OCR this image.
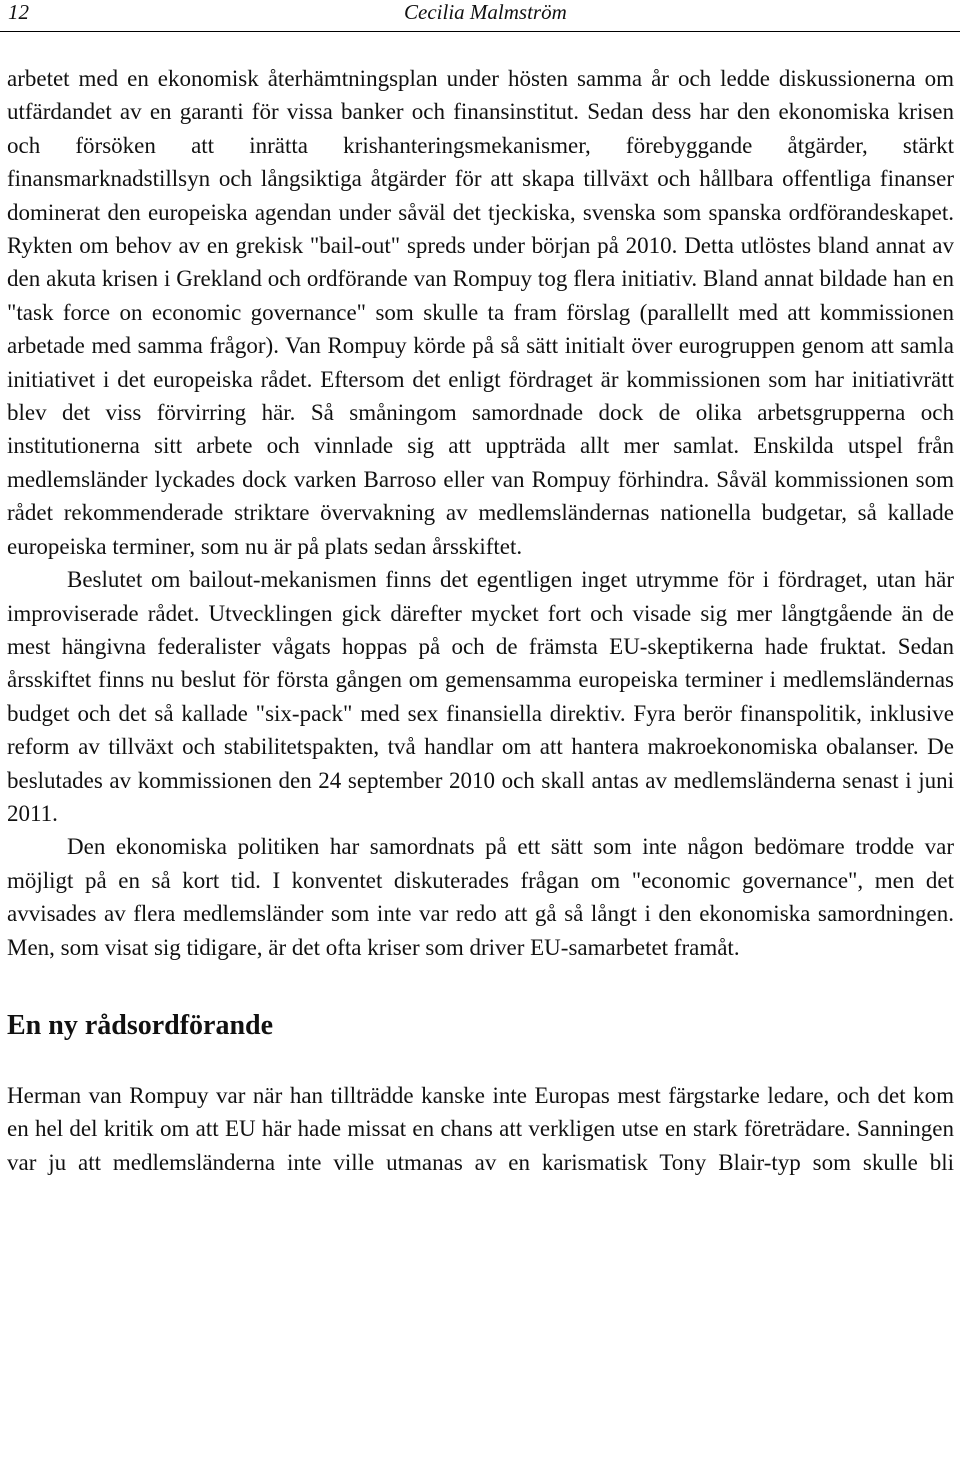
12	Cecilia Malmström

arbetet med en ekonomisk återhämtningsplan under hösten samma år och ledde diskussionerna om utfärdandet av en garanti för vissa banker och finansinstitut. Sedan dess har den ekonomiska krisen och försöken att inrätta krishanteringsmekanismer, förebyggande åtgärder, stärkt finansmarknadstillsyn och långsiktiga åtgärder för att skapa tillväxt och hållbara offentliga finanser dominerat den europeiska agendan under såväl det tjeckiska, svenska som spanska ordförandeskapet. Rykten om behov av en grekisk "bail-out" spreds under början på 2010. Detta utlöstes bland annat av den akuta krisen i Grekland och ordförande van Rompuy tog flera initiativ. Bland annat bildade han en "task force on economic governance" som skulle ta fram förslag (parallellt med att kommissionen arbetade med samma frågor). Van Rompuy körde på så sätt initialt över eurogruppen genom att samla initiativet i det europeiska rådet. Eftersom det enligt fördraget är kommissionen som har initiativrätt blev det viss förvirring här. Så småningom samordnade dock de olika arbetsgrupperna och institutionerna sitt arbete och vinnlade sig att uppträda allt mer samlat. Enskilda utspel från medlemsländer lyckades dock varken Barroso eller van Rompuy förhindra. Såväl kommissionen som rådet rekommenderade striktare övervakning av medlemsländernas nationella budgetar, så kallade europeiska terminer, som nu är på plats sedan årsskiftet.

Beslutet om bailout-mekanismen finns det egentligen inget utrymme för i fördraget, utan här improviserade rådet. Utvecklingen gick därefter mycket fort och visade sig mer långtgående än de mest hängivna federalister vågats hoppas på och de främsta EU-skeptikerna hade fruktat. Sedan årsskiftet finns nu beslut för första gången om gemensamma europeiska terminer i medlemsländernas budget och det så kallade "six-pack" med sex finansiella direktiv. Fyra berör finanspolitik, inklusive reform av tillväxt och stabilitetspakten, två handlar om att hantera makroekonomiska obalanser. De beslutades av kommissionen den 24 september 2010 och skall antas av medlemsländerna senast i juni 2011.

Den ekonomiska politiken har samordnats på ett sätt som inte någon bedömare trodde var möjligt på en så kort tid. I konventet diskuterades frågan om "economic governance", men det avvisades av flera medlemsländer som inte var redo att gå så långt i den ekonomiska samordningen. Men, som visat sig tidigare, är det ofta kriser som driver EU-samarbetet framåt.

En ny rådsordförande

Herman van Rompuy var när han tillträdde kanske inte Europas mest färgstarke ledare, och det kom en hel del kritik om att EU här hade missat en chans att verkligen utse en stark företrädare. Sanningen var ju att medlemsländerna inte ville utmanas av en karismatisk Tony Blair-typ som skulle bli
